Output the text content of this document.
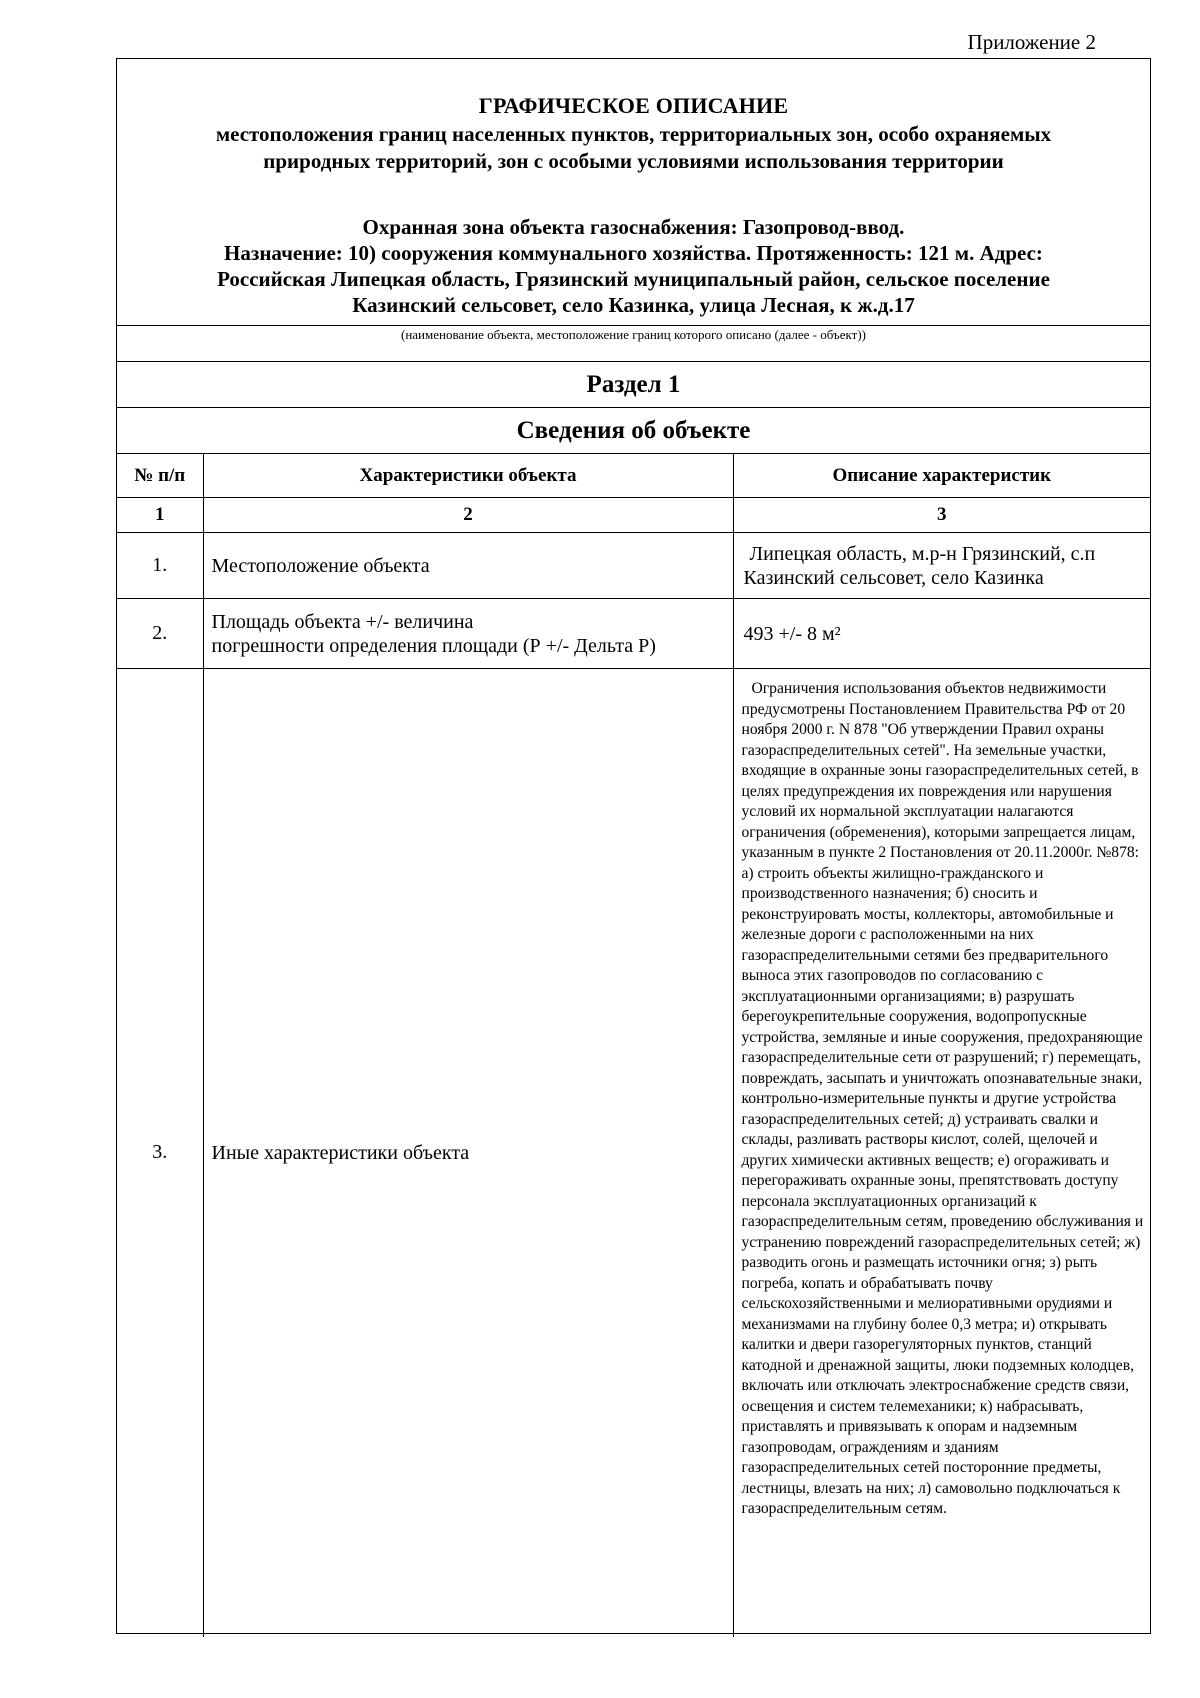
Приложение 2
ГРАФИЧЕСКОЕ ОПИСАНИЕ
местоположения границ населенных пунктов, территориальных зон, особо охраняемых
природных территорий, зон с особыми условиями использования территории
Охранная зона объекта газоснабжения: Газопровод-ввод.
Назначение: 10) сооружения коммунального хозяйства. Протяженность: 121 м. Адрес:
Российская Липецкая область, Грязинский муниципальный район, сельское поселение
Казинский сельсовет, село Казинка, улица Лесная, к ж.д.17
(наименование объекта, местоположение границ которого описано (далее - объект))
Раздел 1
Сведения об объекте
№ п/п	Характеристики объекта	Описание характеристик
1	2	3
1.	Местоположение объекта	Липецкая область, м.р-н Грязинский, с.п
Казинский сельсовет, село Казинка

2.	Площадь объекта +/- величина
погрешности определения площади (Р +/- Дельта Р)	493 +/- 8 м²
3.	Иные характеристики объекта	Ограничения использования объектов недвижимости предусмотрены Постановлением Правительства РФ от 20 ноября 2000 г. N 878 "Об утверждении Правил охраны газораспределительных сетей". На земельные участки, входящие в охранные зоны газораспределительных сетей, в целях предупреждения их повреждения или нарушения условий их нормальной эксплуатации налагаются ограничения (обременения), которыми запрещается лицам, указанным в пункте 2 Постановления от 20.11.2000г. №878: а) строить объекты жилищно-гражданского и производственного назначения; б) сносить и реконструировать мосты, коллекторы, автомобильные и железные дороги с расположенными на них газораспределительными сетями без предварительного выноса этих газопроводов по согласованию с эксплуатационными организациями; в) разрушать берегоукрепительные сооружения, водопропускные устройства, земляные и иные сооружения, предохраняющие газораспределительные сети от разрушений; г) перемещать, повреждать, засыпать и уничтожать опознавательные знаки, контрольно-измерительные пункты и другие устройства газораспределительных сетей; д) устраивать свалки и склады, разливать растворы кислот, солей, щелочей и других химически активных веществ; е) огораживать и перегораживать охранные зоны, препятствовать доступу персонала эксплуатационных организаций к газораспределительным сетям, проведению обслуживания и устранению повреждений газораспределительных сетей; ж) разводить огонь и размещать источники огня; з) рыть погреба, копать и обрабатывать почву сельскохозяйственными и мелиоративными орудиями и механизмами на глубину более 0,3 метра; и) открывать калитки и двери газорегуляторных пунктов, станций катодной и дренажной защиты, люки подземных колодцев, включать или отключать электроснабжение средств связи, освещения и систем телемеханики; к) набрасывать, приставлять и привязывать к опорам и надземным газопроводам, ограждениям и зданиям газораспределительных сетей посторонние предметы, лестницы, влезать на них; л) самовольно подключаться к газораспределительным сетям.
